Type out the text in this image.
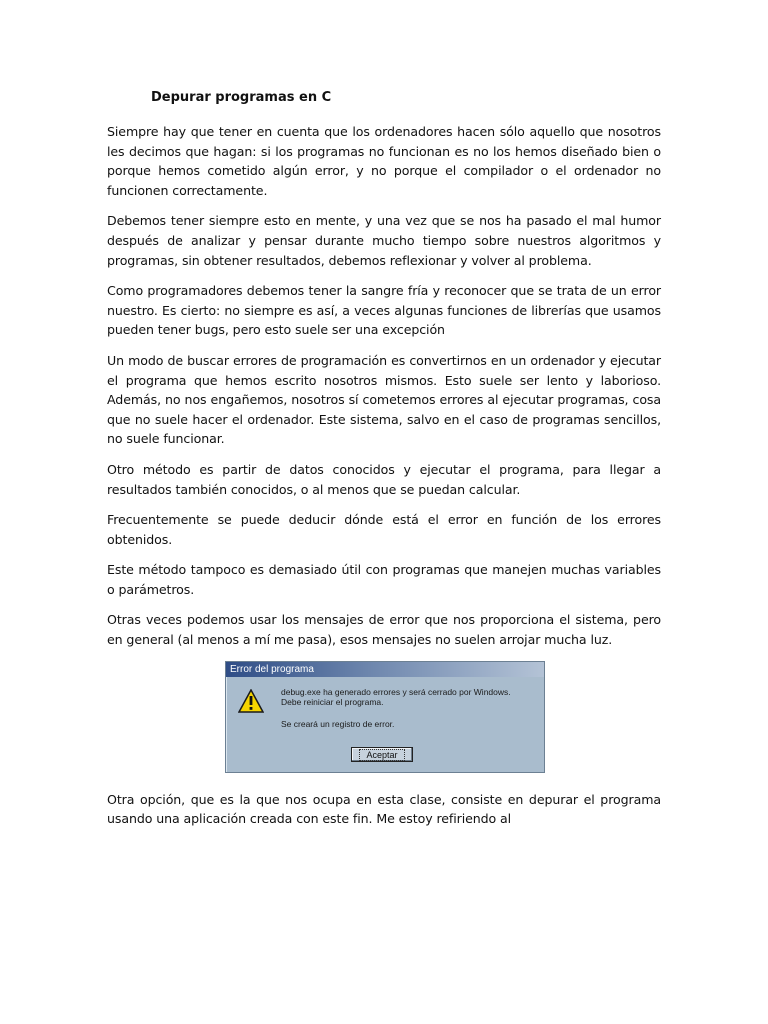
Depurar programas en C

Siempre hay que tener en cuenta que los ordenadores hacen sólo aquello que nosotros les decimos que hagan: si los programas no funcionan es no los hemos diseñado bien o porque hemos cometido algún error, y no porque el compilador o el ordenador no funcionen correctamente.

Debemos tener siempre esto en mente, y una vez que se nos ha pasado el mal humor después de analizar y pensar durante mucho tiempo sobre nuestros algoritmos y programas, sin obtener resultados, debemos reflexionar y volver al problema.

Como programadores debemos tener la sangre fría y reconocer que se trata de un error nuestro. Es cierto: no siempre es así, a veces algunas funciones de librerías que usamos pueden tener bugs, pero esto suele ser una excepción

Un modo de buscar errores de programación es convertirnos en un ordenador y ejecutar el programa que hemos escrito nosotros mismos. Esto suele ser lento y laborioso. Además, no nos engañemos, nosotros sí cometemos errores al ejecutar programas, cosa que no suele hacer el ordenador. Este sistema, salvo en el caso de programas sencillos, no suele funcionar.

Otro método es partir de datos conocidos y ejecutar el programa, para llegar a resultados también conocidos, o al menos que se puedan calcular.

Frecuentemente se puede deducir dónde está el error en función de los errores obtenidos.

Este método tampoco es demasiado útil con programas que manejen muchas variables o parámetros.

Otras veces podemos usar los mensajes de error que nos proporciona el sistema, pero en general (al menos a mí me pasa), esos mensajes no suelen arrojar mucha luz.

Error del programa
debug.exe ha generado errores y será cerrado por Windows. Debe reiniciar el programa.
Se creará un registro de error.
Aceptar

Otra opción, que es la que nos ocupa en esta clase, consiste en depurar el programa usando una aplicación creada con este fin. Me estoy refiriendo al
